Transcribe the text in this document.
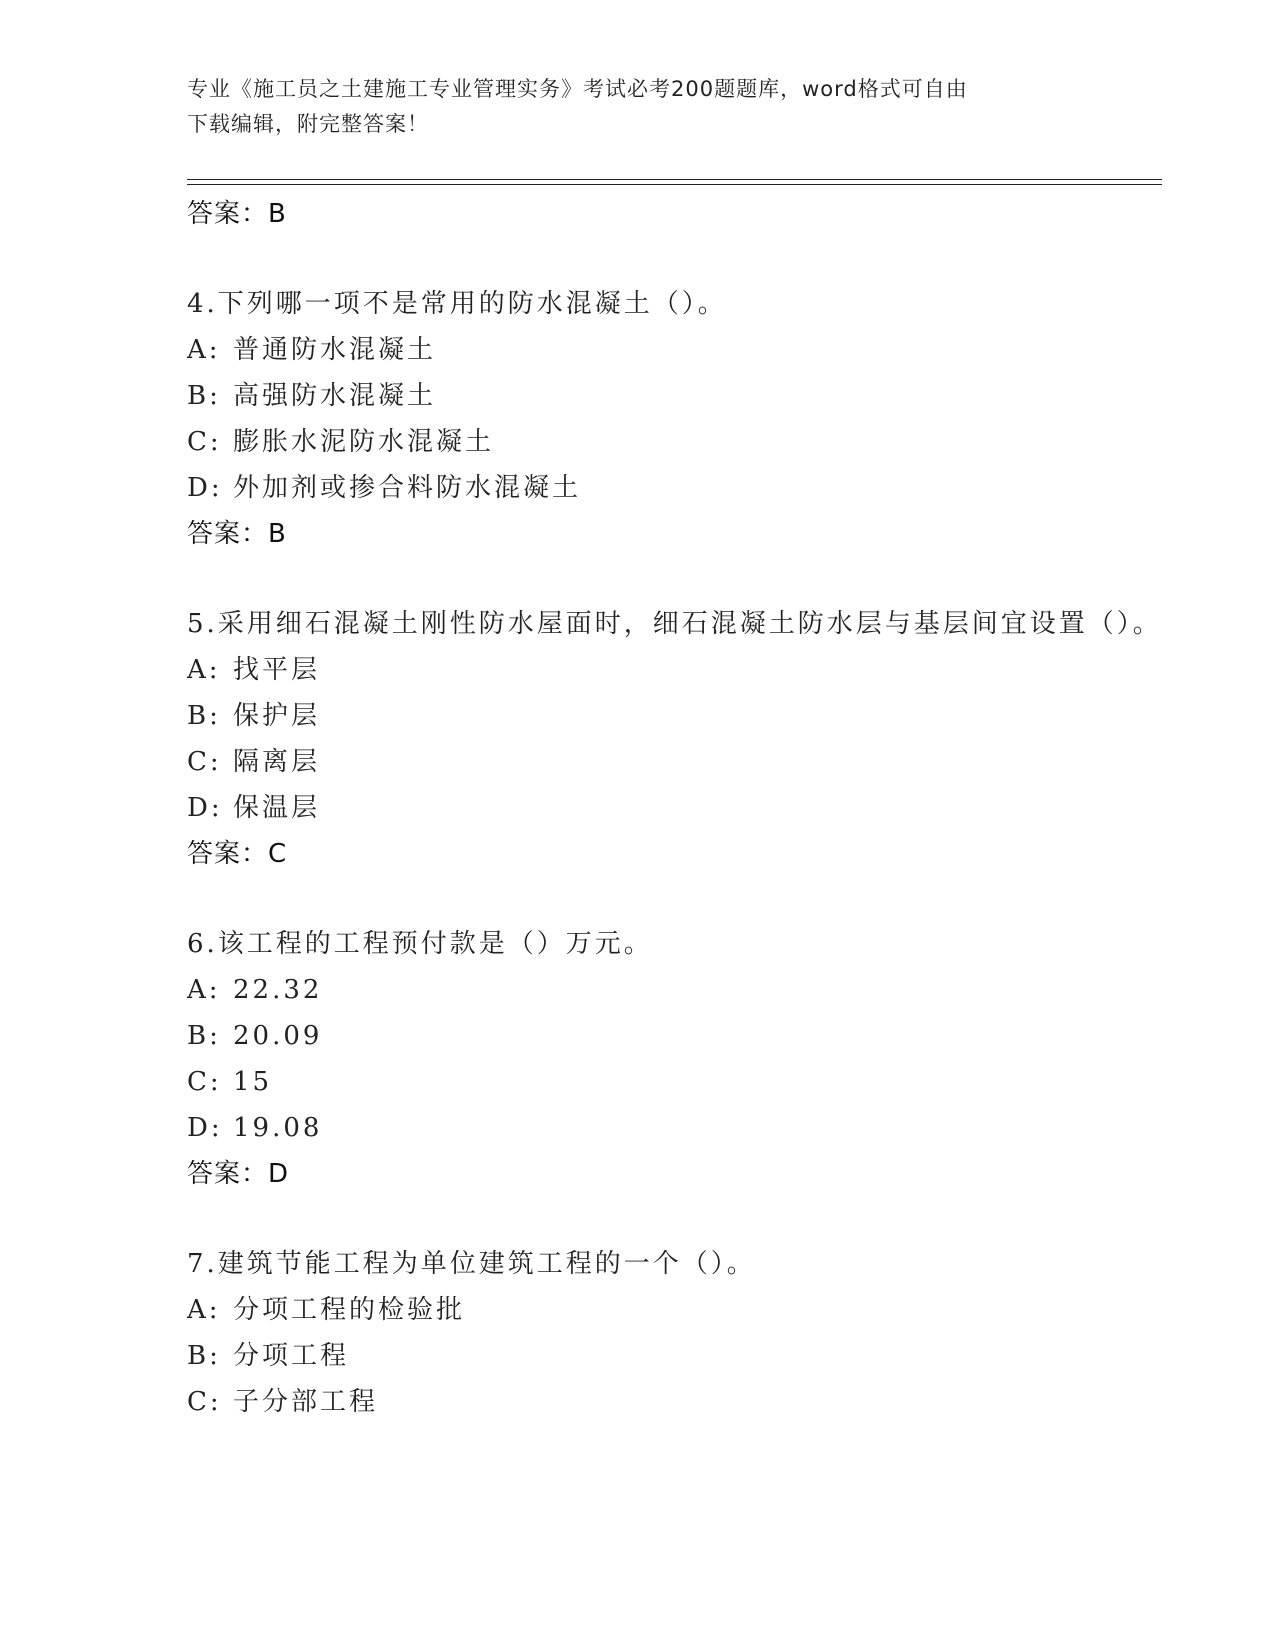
专业《施工员之土建施工专业管理实务》考试必考200题题库，word格式可自由
下载编辑，附完整答案！
答案：B
4.下列哪一项不是常用的防水混凝土（）。
A: 普通防水混凝土
B: 高强防水混凝土
C: 膨胀水泥防水混凝土
D: 外加剂或掺合料防水混凝土
答案：B
5.采用细石混凝土刚性防水屋面时，细石混凝土防水层与基层间宜设置（）。
A: 找平层
B: 保护层
C: 隔离层
D: 保温层
答案：C
6.该工程的工程预付款是（）万元。
A: 22.32
B: 20.09
C: 15
D: 19.08
答案：D
7.建筑节能工程为单位建筑工程的一个（）。
A: 分项工程的检验批
B: 分项工程
C: 子分部工程
